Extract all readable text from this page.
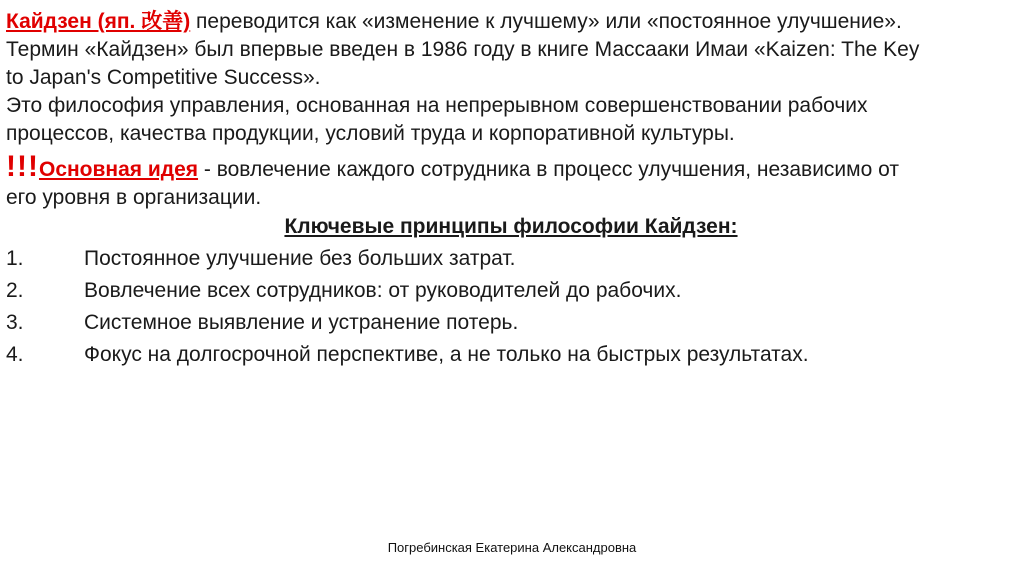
Кайдзен (яп. 改善) переводится как «изменение к лучшему» или «постоянное улучшение».
Термин «Кайдзен» был впервые введен в 1986 году в книге Массааки Имаи «Kaizen: The Key
to Japan's Competitive Success».
Это философия управления, основанная на непрерывном совершенствовании рабочих
процессов, качества продукции, условий труда и корпоративной культуры.
!!!Основная идея - вовлечение каждого сотрудника в процесс улучшения, независимо от
его уровня в организации.
Ключевые принципы философии Кайдзен:
1.	Постоянное улучшение без больших затрат.
2.	Вовлечение всех сотрудников: от руководителей до рабочих.
3.	Системное выявление и устранение потерь.
4.	Фокус на долгосрочной перспективе, а не только на быстрых результатах.
Погребинская Екатерина Александровна
